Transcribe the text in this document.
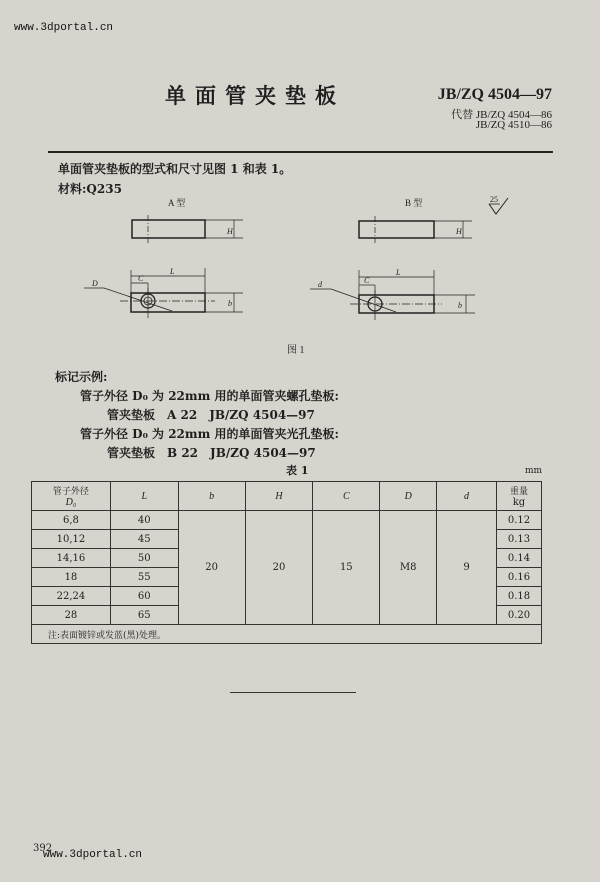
www.3dportal.cn
单面管夹垫板	JB/ZQ 4504—97
代替 JB/ZQ 4504—86
JB/ZQ 4510—86
单面管夹垫板的型式和尺寸见图 1 和表 1。
材料:Q235
A 型	B 型	25
H
D
L
C
b
H
d
L
C
b
图 1
标记示例:
管子外径 D₀ 为 22mm 用的单面管夹螺孔垫板:
管夹垫板　A 22　JB/ZQ 4504—97
管子外径 D₀ 为 22mm 用的单面管夹光孔垫板:
管夹垫板　B 22　JB/ZQ 4504—97
表 1	mm
管子外径
D₀	L	b	H	C	D	d	重量
kg
6,8	40	20	20	15	M8	9	0.12
10,12	45						0.13
14,16	50						0.14
18	55						0.16
22,24	60						0.18
28	65						0.20
注:表面镀锌或发蓝(黑)处理。							
392
www.3dportal.cn
